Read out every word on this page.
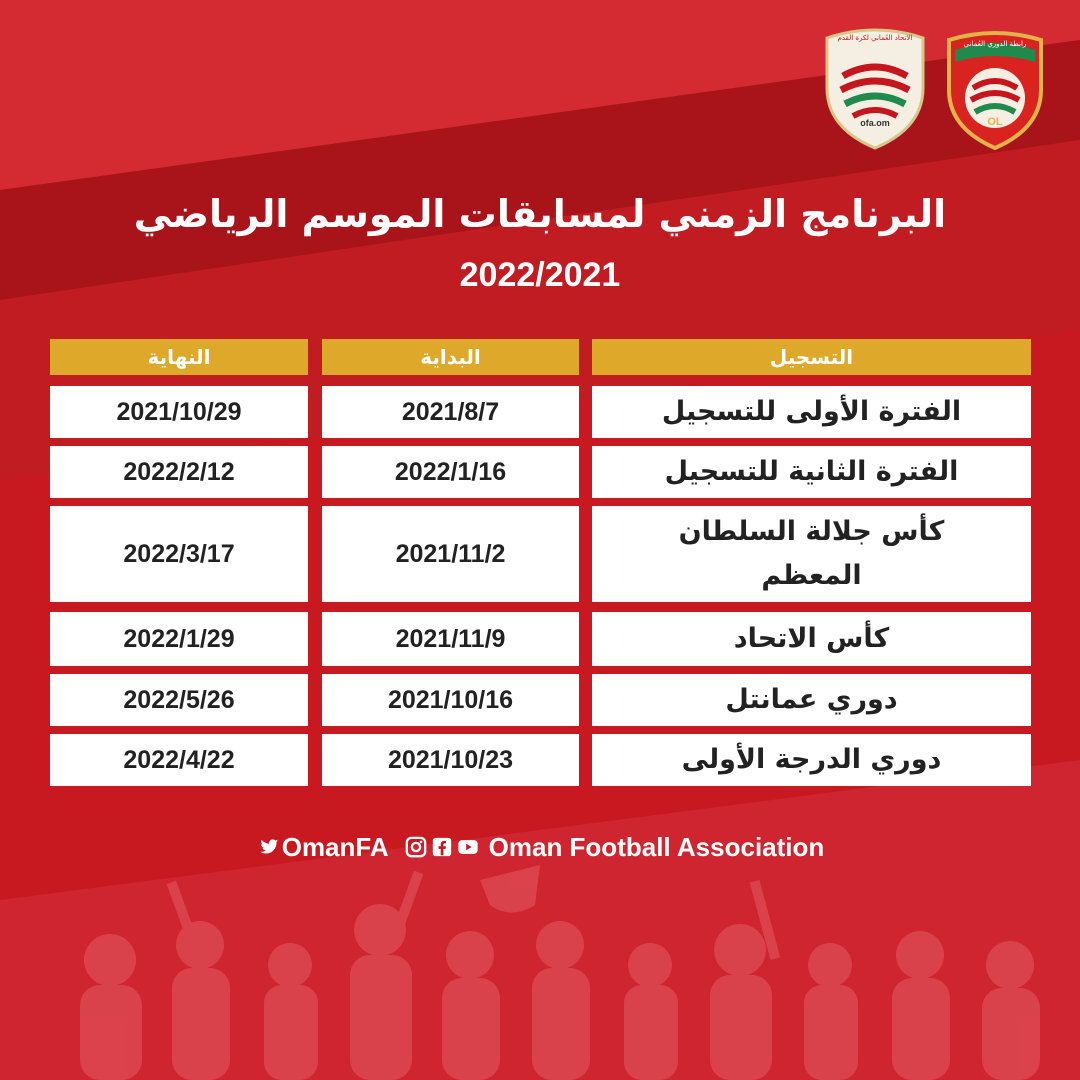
الاتحاد العُماني لكرة القدم
ofa.om
رابطة الدوري العُماني
OL
البرنامج الزمني لمسابقات الموسم الرياضي
2022/2021
التسجيل
البداية
النهاية
الفترة الأولى للتسجيل
2021/8/7
2021/10/29
الفترة الثانية للتسجيل
2022/1/16
2022/2/12
كأس جلالة السلطان المعظم
2021/11/2
2022/3/17
كأس الاتحاد
2021/11/9
2022/1/29
دوري عمانتل
2021/10/16
2022/5/26
دوري الدرجة الأولى
2021/10/23
2022/4/22
OmanFA	Oman Football Association
